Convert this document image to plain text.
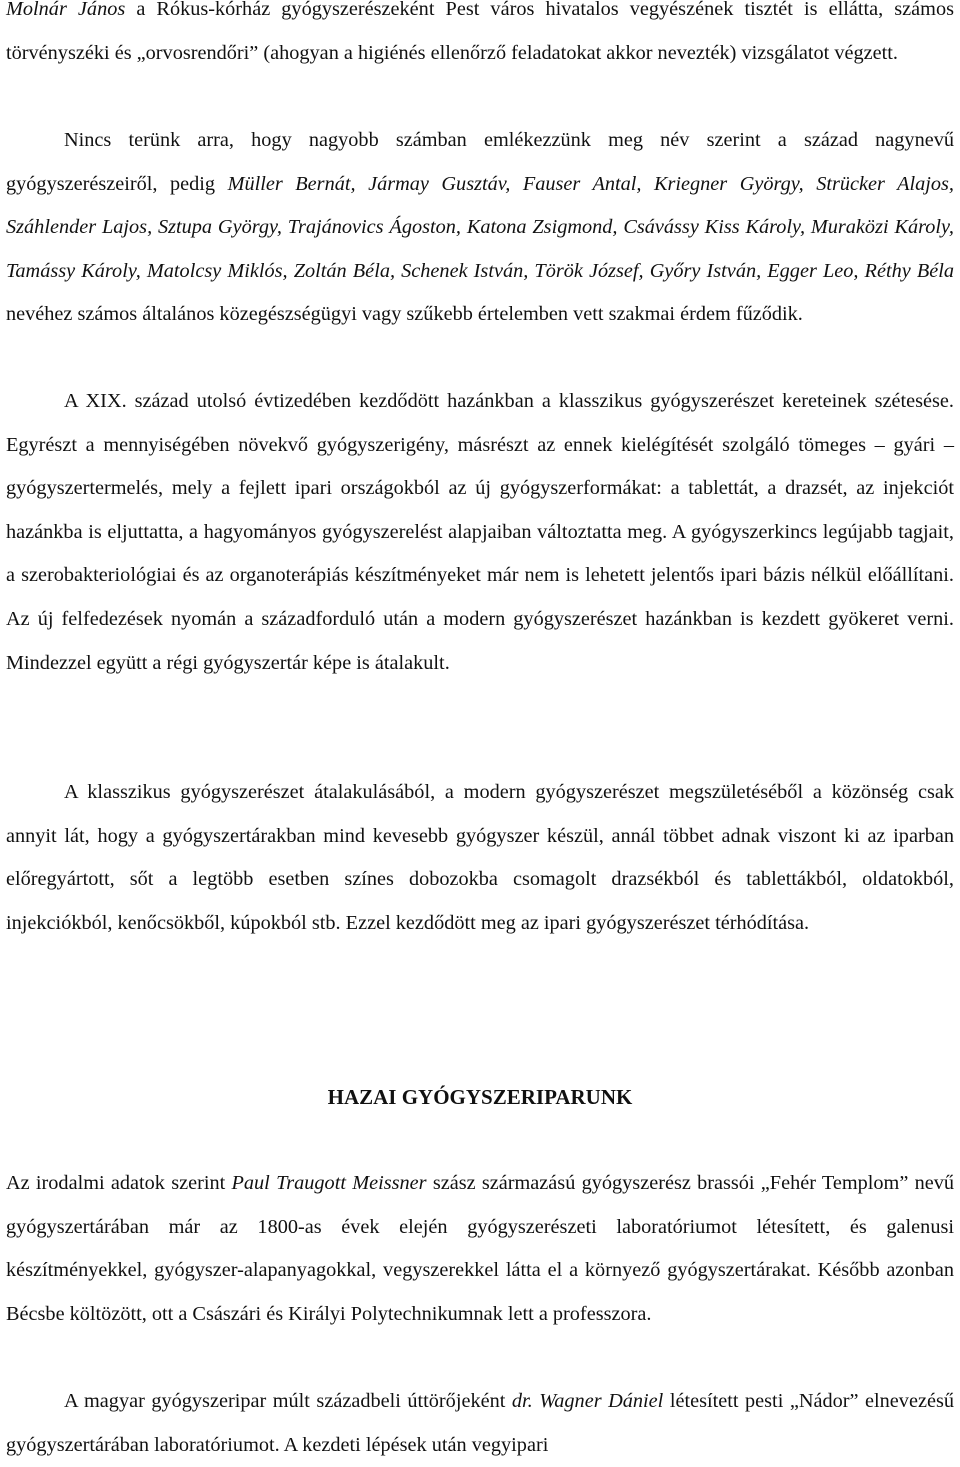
Molnár János a Rókus-kórház gyógyszerészeként Pest város hivatalos vegyészének tisztét is ellátta, számos törvényszéki és „orvosrendőri” (ahogyan a higiénés ellenőrző feladatokat akkor nevezték) vizsgálatot végzett.

Nincs terünk arra, hogy nagyobb számban emlékezzünk meg név szerint a század nagynevű gyógyszerészeiről, pedig Müller Bernát, Jármay Gusztáv, Fauser Antal, Kriegner György, Strücker Alajos, Száhlender Lajos, Sztupa György, Trajánovics Ágoston, Katona Zsigmond, Csávássy Kiss Károly, Muraközi Károly, Tamássy Károly, Matolcsy Miklós, Zoltán Béla, Schenek István, Török József, Győry István, Egger Leo, Réthy Béla nevéhez számos általános közegészségügyi vagy szűkebb értelemben vett szakmai érdem fűződik.

A XIX. század utolsó évtizedében kezdődött hazánkban a klasszikus gyógyszerészet kereteinek szétesése. Egyrészt a mennyiségében növekvő gyógyszerigény, másrészt az ennek kielégítését szolgáló tömeges – gyári – gyógyszertermelés, mely a fejlett ipari országokból az új gyógyszerformákat: a tablettát, a drazsét, az injekciót hazánkba is eljuttatta, a hagyományos gyógyszerelést alapjaiban változtatta meg. A gyógyszerkincs legújabb tagjait, a szerobakteriológiai és az organoterápiás készítményeket már nem is lehetett jelentős ipari bázis nélkül előállítani. Az új felfedezések nyomán a századforduló után a modern gyógyszerészet hazánkban is kezdett gyökeret verni. Mindezzel együtt a régi gyógyszertár képe is átalakult.

A klasszikus gyógyszerészet átalakulásából, a modern gyógyszerészet megszületéséből a közönség csak annyit lát, hogy a gyógyszertárakban mind kevesebb gyógyszer készül, annál többet adnak viszont ki az iparban előregyártott, sőt a legtöbb esetben színes dobozokba csomagolt drazsékból és tablettákból, oldatokból, injekciókból, kenőcsökből, kúpokból stb. Ezzel kezdődött meg az ipari gyógyszerészet térhódítása.

HAZAI GYÓGYSZERIPARUNK

Az irodalmi adatok szerint Paul Traugott Meissner szász származású gyógyszerész brassói „Fehér Templom” nevű gyógyszertárában már az 1800-as évek elején gyógyszerészeti laboratóriumot létesített, és galenusi készítményekkel, gyógyszer-alapanyagokkal, vegyszerekkel látta el a környező gyógyszertárakat. Később azonban Bécsbe költözött, ott a Császári és Királyi Polytechnikumnak lett a professzora.

A magyar gyógyszeripar múlt századbeli úttörőjeként dr. Wagner Dániel létesített pesti „Nádor” elnevezésű gyógyszertárában laboratóriumot. A kezdeti lépések után vegyipari
